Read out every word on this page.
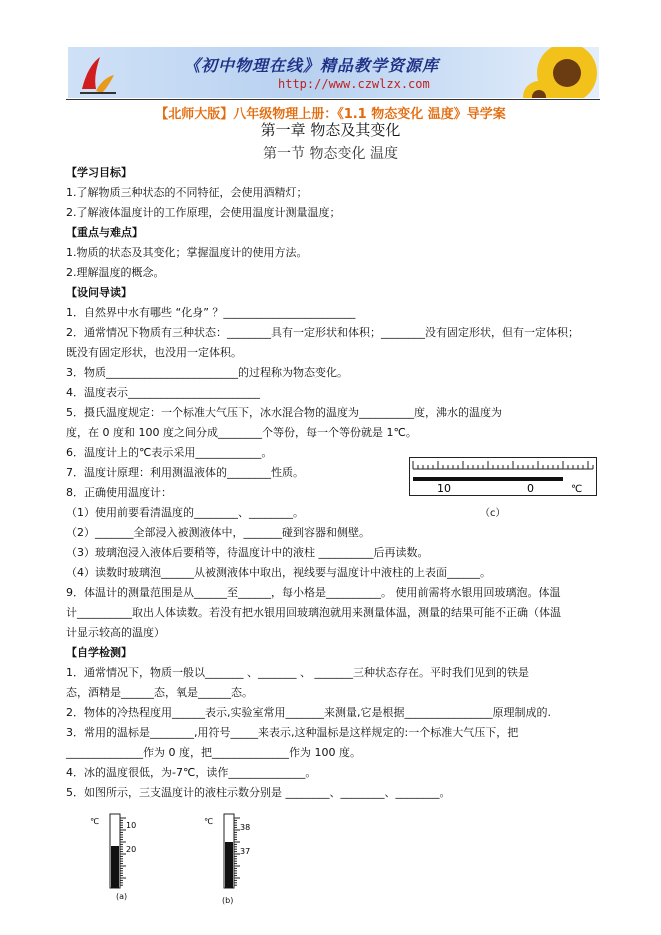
《初中物理在线》精品教学资源库
http://www.czwlzx.com
【北师大版】八年级物理上册：《1.1 物态变化 温度》导学案
第一章 物态及其变化
第一节 物态变化 温度
【学习目标】
1.了解物质三种状态的不同特征，会使用酒精灯；
2.了解液体温度计的工作原理，会使用温度计测量温度；
【重点与难点】
1.物质的状态及其变化；掌握温度计的使用方法。
2.理解温度的概念。
【设问导读】
1．自然界中水有哪些 “化身” ？________________________
2．通常情况下物质有三种状态：________具有一定形状和体积；________没有固定形状，但有一定体积；
既没有固定形状，也没用一定体积。
3．物质________________________的过程称为物态变化。
4．温度表示________________________
5．摄氏温度规定：一个标准大气压下，冰水混合物的温度为__________度，沸水的温度为
度，在 0 度和 100 度之间分成________个等份，每一个等份就是 1℃。
6．温度计上的℃表示采用____________。
7．温度计原理：利用测温液体的________性质。
8．正确使用温度计：
（1）使用前要看清温度的________、________。
（2）_______全部浸入被测液体中，_______碰到容器和侧壁。
（3）玻璃泡浸入液体后要稍等，待温度计中的液柱 __________后再读数。
（4）读数时玻璃泡______从被测液体中取出，视线要与温度计中液柱的上表面______。
9．体温计的测量范围是从______至______，每小格是__________。 使用前需将水银用回玻璃泡。体温
计__________取出人体读数。若没有把水银用回玻璃泡就用来测量体温，测量的结果可能不正确（体温
计显示较高的温度）
【自学检测】
1．通常情况下，物质一般以_______ 、_______ 、 _______三种状态存在。平时我们见到的铁是
态，酒精是______态，氧是______态。
2．物体的冷热程度用______表示,实验室常用_______来测量,它是根据________________原理制成的.
3．常用的温标是________,用符号_____来表示,这种温标是这样规定的:一个标准大气压下，把
______________作为 0 度，把______________作为 100 度。
4．冰的温度很低，为-7℃，读作______________。
5．如图所示，三支温度计的液柱示数分别是 ________、________、________。
10	0	℃
（c）
℃	10
20
(a)
℃
38
37
(b)
